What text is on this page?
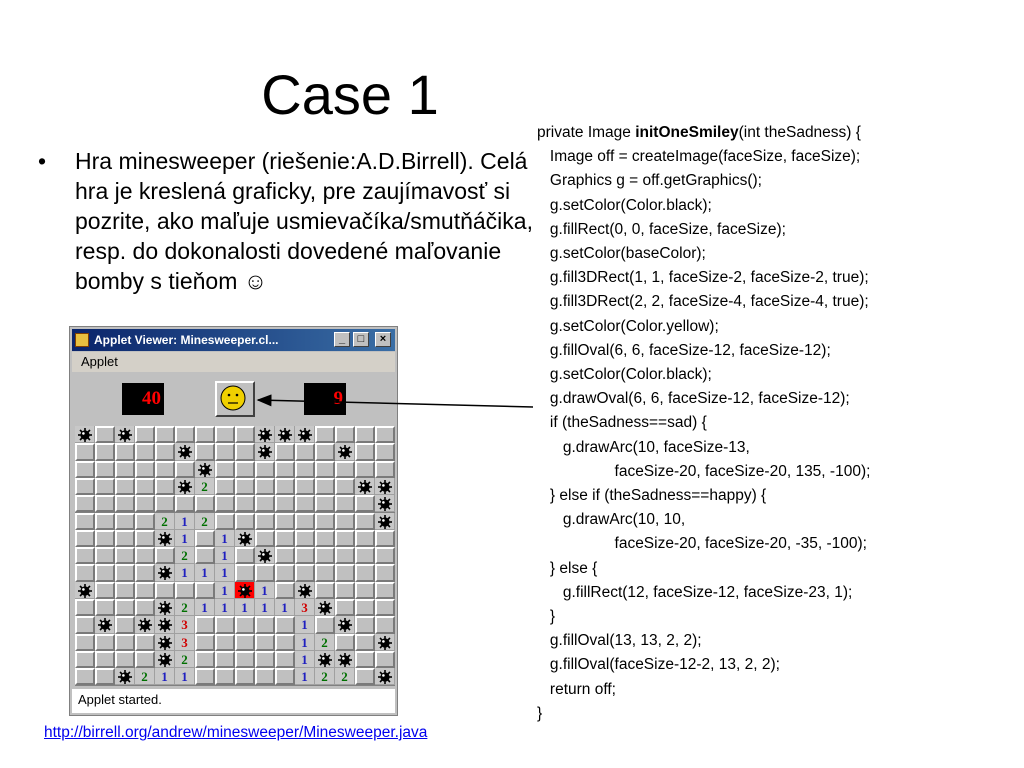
Case 1
• Hra minesweeper (riešenie:A.D.Birrell). Celá hra je kreslená graficky, pre zaujímavosť si pozrite, ako maľuje usmievačíka/smutňáčika, resp. do dokonalosti dovedené maľovanie bomby s tieňom ☺
private Image initOneSmiley(int theSadness) {
Image off = createImage(faceSize, faceSize);
Graphics g = off.getGraphics();
g.setColor(Color.black);
g.fillRect(0, 0, faceSize, faceSize);
g.setColor(baseColor);
g.fill3DRect(1, 1, faceSize-2, faceSize-2, true);
g.fill3DRect(2, 2, faceSize-4, faceSize-4, true);
g.setColor(Color.yellow);
g.fillOval(6, 6, faceSize-12, faceSize-12);
g.setColor(Color.black);
g.drawOval(6, 6, faceSize-12, faceSize-12);
if (theSadness==sad) {
g.drawArc(10, faceSize-13,
faceSize-20, faceSize-20, 135, -100);
} else if (theSadness==happy) {
g.drawArc(10, 10,
faceSize-20, faceSize-20, -35, -100);
} else {
g.fillRect(12, faceSize-12, faceSize-23, 1);
}
g.fillOval(13, 13, 2, 2);
g.fillOval(faceSize-12-2, 13, 2, 2);
return off;
}
http://birrell.org/andrew/minesweeper/Minesweeper.java
Applet Viewer: Minesweeper.cl...	_	□	×
Applet
40	9
2
2	1	2
1	1
2	1
1	1	1
1	1
2	1	1	1	1	1	3
3	1
3	1	2
2	1
2	1	1	1	2	2
Applet started.
